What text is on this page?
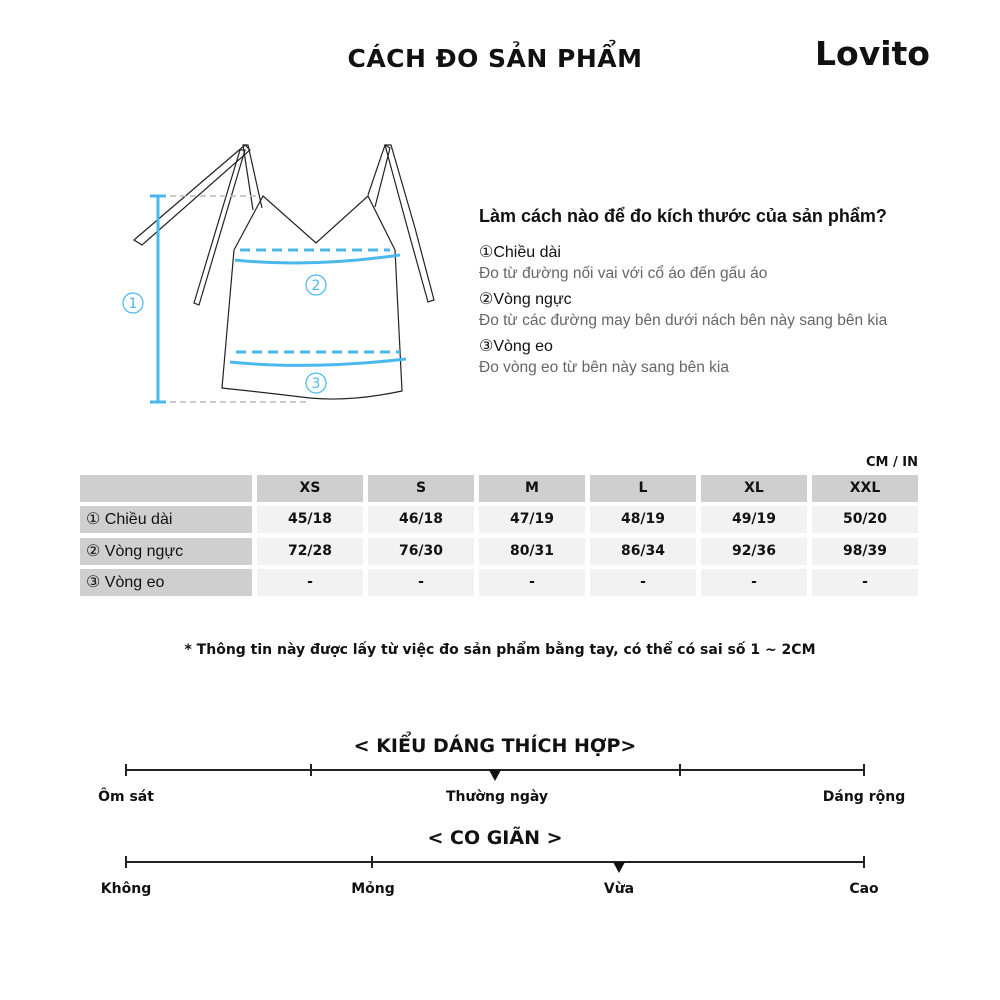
CÁCH ĐO SẢN PHẨM	Lovito
1
2
3
Làm cách nào để đo kích thước của sản phẩm?
①Chiều dài
Đo từ đường nối vai với cổ áo đến gấu áo
②Vòng ngực
Đo từ các đường may bên dưới nách bên này sang bên kia
③Vòng eo
Đo vòng eo từ bên này sang bên kia
CM / IN
XS	S	M	L	XL	XXL
① Chiều dài	45/18	46/18	47/19	48/19	49/19	50/20
② Vòng ngực	72/28	76/30	80/31	86/34	92/36	98/39
③ Vòng eo	-	-	-	-	-	-
* Thông tin này được lấy từ việc đo sản phẩm bằng tay, có thể có sai số 1 ~ 2CM
< KIỂU DÁNG THÍCH HỢP>
< CO GIÃN >
Ôm sát	Thường ngày	Dáng rộng
Không	Mỏng	Vừa	Cao
